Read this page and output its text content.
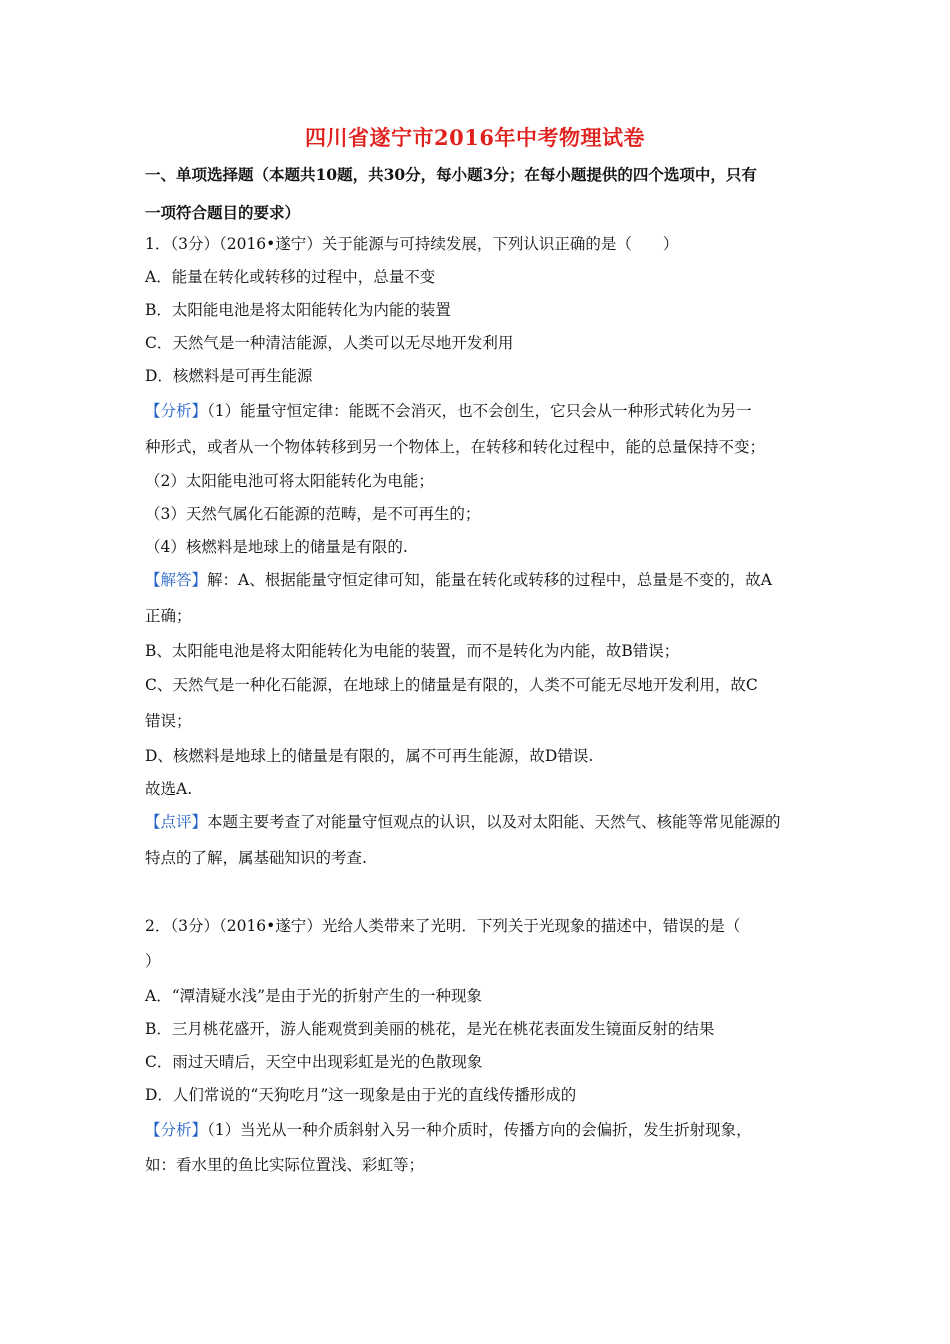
四川省遂宁市2016年中考物理试卷
一、单项选择题（本题共10题，共30分，每小题3分；在每小题提供的四个选项中，只有
一项符合题目的要求）
1．（3分）（2016•遂宁）关于能源与可持续发展，下列认识正确的是（　　）
A．能量在转化或转移的过程中，总量不变
B．太阳能电池是将太阳能转化为内能的装置
C．天然气是一种清洁能源，人类可以无尽地开发利用
D．核燃料是可再生能源
【分析】（1）能量守恒定律：能既不会消灭，也不会创生，它只会从一种形式转化为另一
种形式，或者从一个物体转移到另一个物体上，在转移和转化过程中，能的总量保持不变；
（2）太阳能电池可将太阳能转化为电能；
（3）天然气属化石能源的范畴，是不可再生的；
（4）核燃料是地球上的储量是有限的.
【解答】解：A、根据能量守恒定律可知，能量在转化或转移的过程中，总量是不变的，故A
正确；
B、太阳能电池是将太阳能转化为电能的装置，而不是转化为内能，故B错误；
C、天然气是一种化石能源，在地球上的储量是有限的，人类不可能无尽地开发利用，故C
错误；
D、核燃料是地球上的储量是有限的，属不可再生能源，故D错误.
故选A.
【点评】本题主要考查了对能量守恒观点的认识，以及对太阳能、天然气、核能等常见能源的
特点的了解，属基础知识的考查.
2．（3分）（2016•遂宁）光给人类带来了光明．下列关于光现象的描述中，错误的是（
）
A．“潭清疑水浅”是由于光的折射产生的一种现象
B．三月桃花盛开，游人能观赏到美丽的桃花，是光在桃花表面发生镜面反射的结果
C．雨过天晴后，天空中出现彩虹是光的色散现象
D．人们常说的“天狗吃月”这一现象是由于光的直线传播形成的
【分析】（1）当光从一种介质斜射入另一种介质时，传播方向的会偏折，发生折射现象，
如：看水里的鱼比实际位置浅、彩虹等；
